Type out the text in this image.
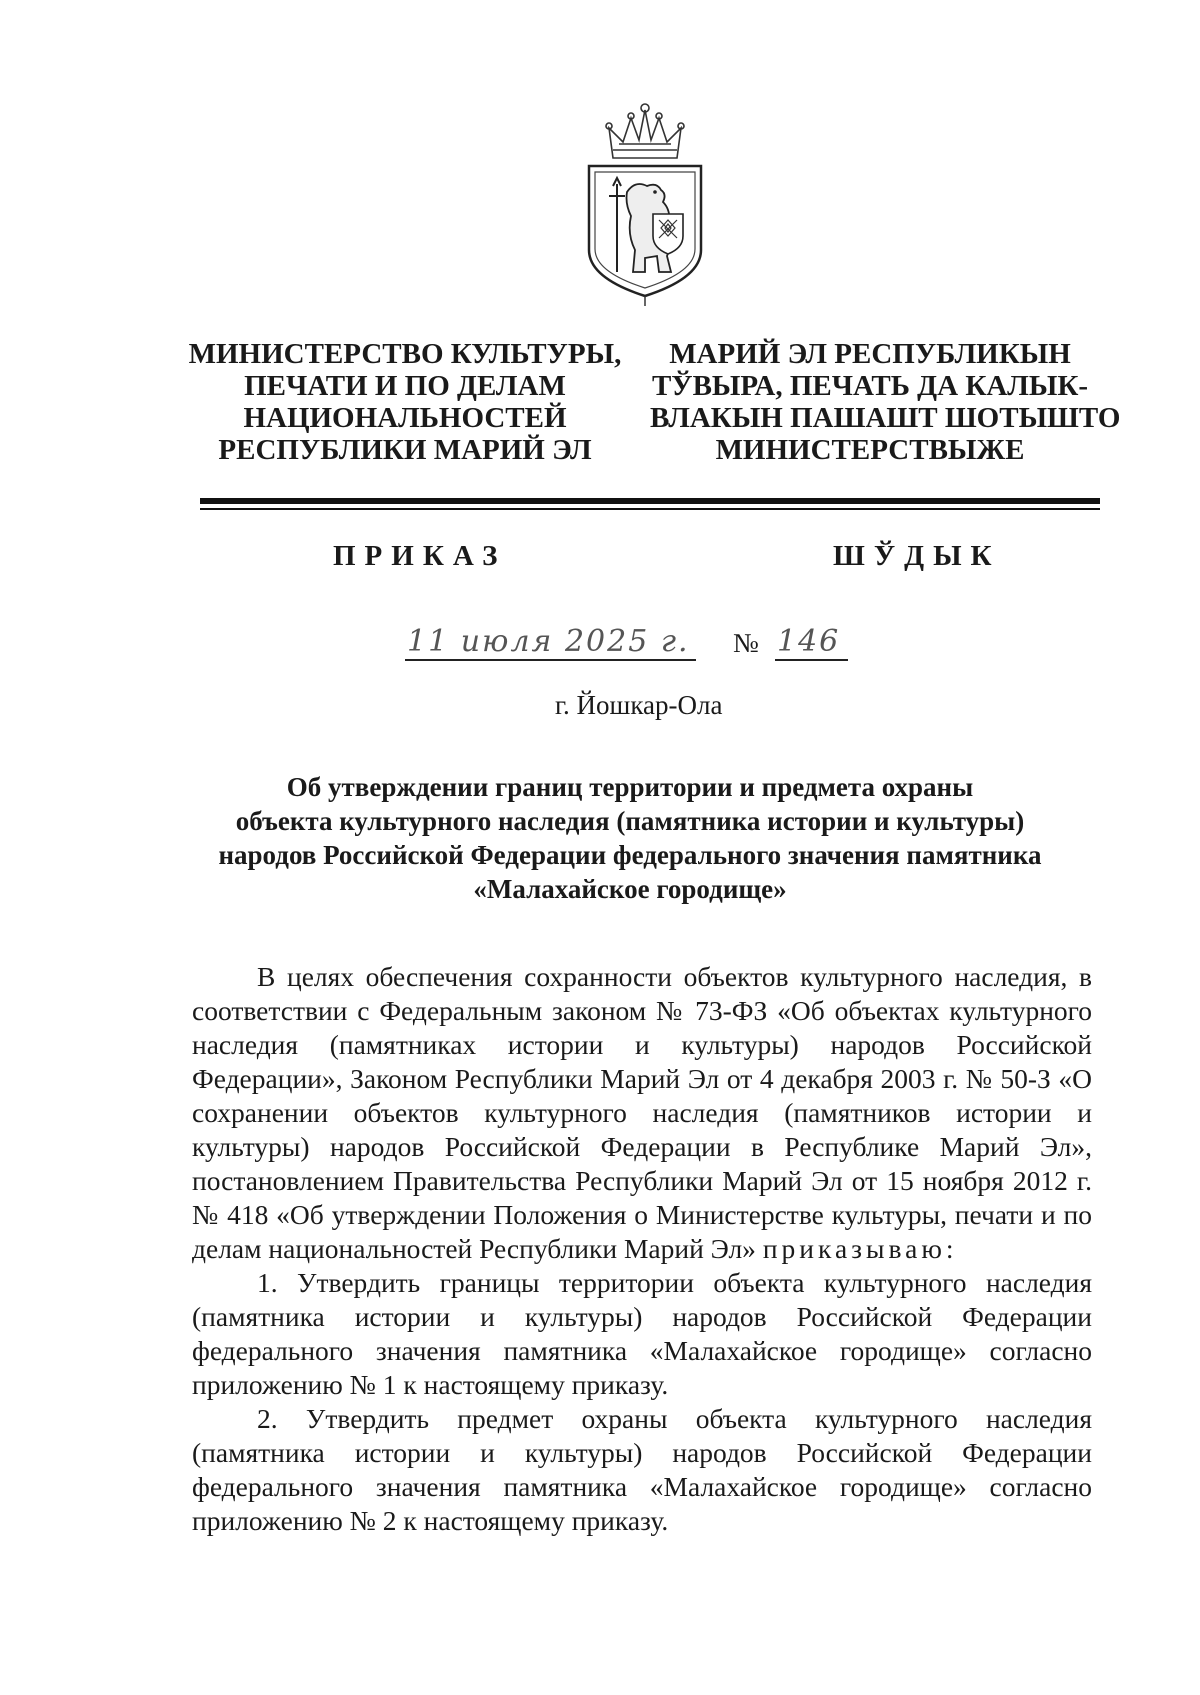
МИНИСТЕРСТВО КУЛЬТУРЫ,
ПЕЧАТИ И ПО ДЕЛАМ
НАЦИОНАЛЬНОСТЕЙ
РЕСПУБЛИКИ МАРИЙ ЭЛ
МАРИЙ ЭЛ РЕСПУБЛИКЫН
ТЎВЫРА, ПЕЧАТЬ ДА КАЛЫК-
ВЛАКЫН ПАШАШТ ШОТЫШТО
МИНИСТЕРСТВЫЖЕ
ПРИКАЗ	ШЎДЫК
11 июля 2025 г. № 146
г. Йошкар-Ола
Об утверждении границ территории и предмета охраны
объекта культурного наследия (памятника истории и культуры)
народов Российской Федерации федерального значения памятника
«Малахайское городище»

В целях обеспечения сохранности объектов культурного наследия, в соответствии с Федеральным законом № 73-ФЗ «Об объектах культурного наследия (памятниках истории и культуры) народов Российской Федерации», Законом Республики Марий Эл от 4 декабря 2003 г. № 50-З «О сохранении объектов культурного наследия (памятников истории и культуры) народов Российской Федерации в Республике Марий Эл», постановлением Правительства Республики Марий Эл от 15 ноября 2012 г. № 418 «Об утверждении Положения о Министерстве культуры, печати и по делам национальностей Республики Марий Эл» приказываю:

1. Утвердить границы территории объекта культурного наследия (памятника истории и культуры) народов Российской Федерации федерального значения памятника «Малахайское городище» согласно приложению № 1 к настоящему приказу.

2. Утвердить предмет охраны объекта культурного наследия (памятника истории и культуры) народов Российской Федерации федерального значения памятника «Малахайское городище» согласно приложению № 2 к настоящему приказу.
